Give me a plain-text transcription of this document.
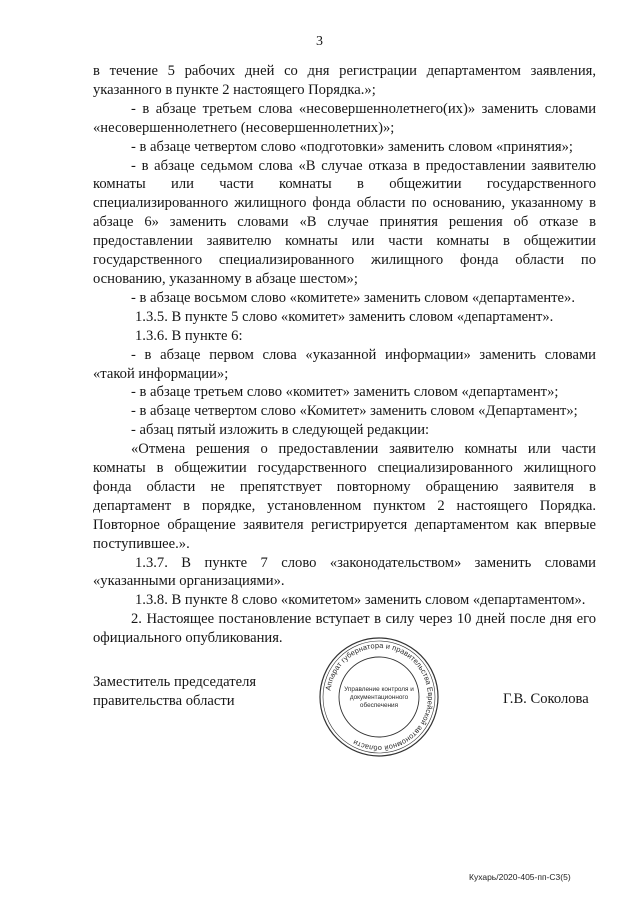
3

в течение 5 рабочих дней со дня регистрации департаментом заявления, указанного в пункте 2 настоящего Порядка.»;

- в абзаце третьем слова «несовершеннолетнего(их)» заменить словами «несовершеннолетнего (несовершеннолетних)»;

- в абзаце четвертом слово «подготовки» заменить словом «принятия»;

- в абзаце седьмом слова «В случае отказа в предоставлении заявителю комнаты или части комнаты в общежитии государственного специализированного жилищного фонда области по основанию, указанному в абзаце 6» заменить словами «В случае принятия решения об отказе в предоставлении заявителю комнаты или части комнаты в общежитии государственного специализированного жилищного фонда области по основанию, указанному в абзаце шестом»;

- в абзаце восьмом слово «комитете» заменить словом «департаменте».

1.3.5. В пункте 5 слово «комитет» заменить словом «департамент».

1.3.6. В пункте 6:

- в абзаце первом слова «указанной информации» заменить словами «такой информации»;

- в абзаце третьем слово «комитет» заменить словом «департамент»;

- в абзаце четвертом слово «Комитет» заменить словом «Департамент»;

- абзац пятый изложить в следующей редакции:

«Отмена решения о предоставлении заявителю комнаты или части комнаты в общежитии государственного специализированного жилищного фонда области не препятствует повторному обращению заявителя в департамент в порядке, установленном пунктом 2 настоящего Порядка. Повторное обращение заявителя регистрируется департаментом как впервые поступившее.».

1.3.7. В пункте 7 слово «законодательством» заменить словами «указанными организациями».

1.3.8. В пункте 8 слово «комитетом» заменить словом «департаментом».

2. Настоящее постановление вступает в силу через 10 дней после дня его официального опубликования.

Заместитель председателя
правительства области
Аппарат губернатора и правительства Еврейской автономной области
Управление контроля и
документационного
обеспечения	Г.В. Соколова
Кухарь/2020-405-пп-С3(5)
